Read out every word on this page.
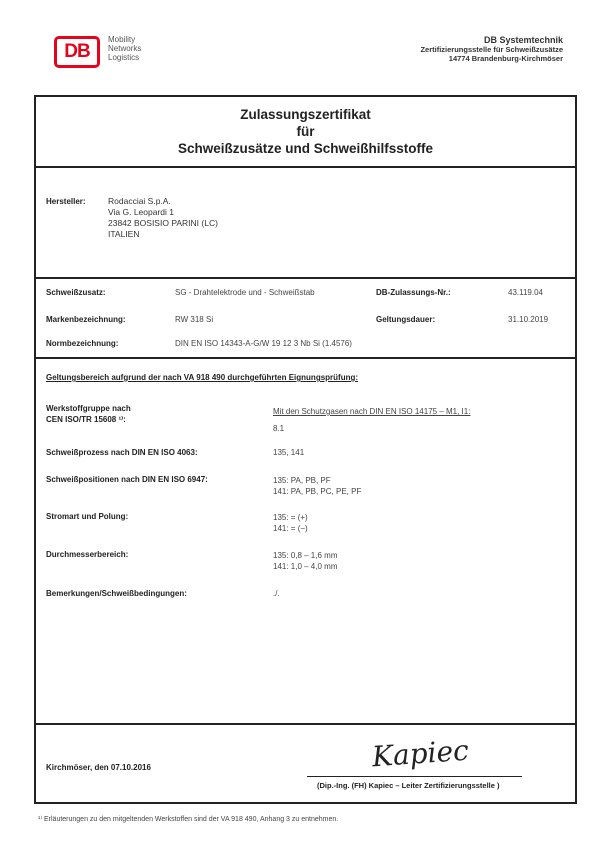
DB
Mobility
Networks
Logistics
DB Systemtechnik
Zertifizierungsstelle für Schweißzusätze
14774 Brandenburg-Kirchmöser
Zulassungszertifikat
für
Schweißzusätze und Schweißhilfsstoffe
Hersteller:	Rodacciai S.p.A.
Via G. Leopardi 1
23842 BOSISIO PARINI (LC)
ITALIEN
Schweißzusatz:	SG - Drahtelektrode und - Schweißstab	DB-Zulassungs-Nr.:	43.119.04
Markenbezeichnung:	RW 318 Si	Geltungsdauer:	31.10.2019
Normbezeichnung:	DIN EN ISO 14343-A-G/W 19 12 3 Nb Si (1.4576)
Geltungsbereich aufgrund der nach VA 918 490 durchgeführten Eignungsprüfung:
Werkstoffgruppe nach
CEN ISO/TR 15608 ¹⁾:
Mit den Schutzgasen nach DIN EN ISO 14175 – M1, I1:
8.1
Schweißprozess nach DIN EN ISO 4063:	135, 141
Schweißpositionen nach DIN EN ISO 6947:	135: PA, PB, PF
141: PA, PB, PC, PE, PF
Stromart und Polung:	135: = (+)
141: = (−)
Durchmesserbereich:	135: 0,8 – 1,6 mm
141: 1,0 – 4,0 mm
Bemerkungen/Schweißbedingungen:	./.
Kirchmöser, den 07.10.2016	Kapiec
(Dip.-Ing. (FH) Kapiec – Leiter Zertifizierungsstelle )
¹⁾ Erläuterungen zu den mitgeltenden Werkstoffen sind der VA 918 490, Anhang 3 zu entnehmen.
